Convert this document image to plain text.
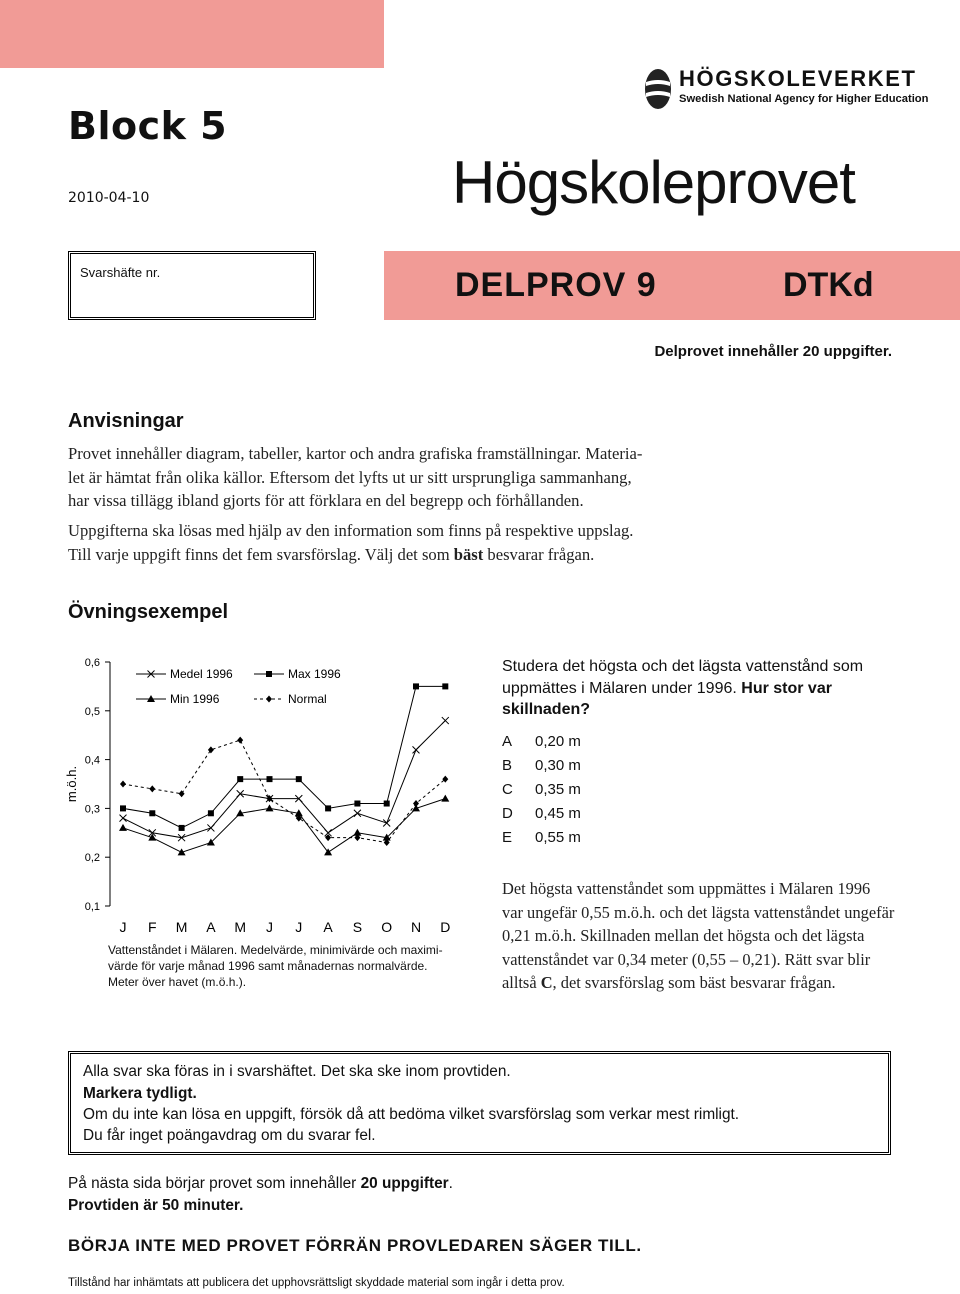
Block 5
2010-04-10
HÖGSKOLEVERKET
Swedish National Agency for Higher Education
Högskoleprovet
Svarshäfte nr.	DELPROV 9	DTKd
Delprovet innehåller 20 uppgifter.
Anvisningar
Provet innehåller diagram, tabeller, kartor och andra grafiska framställningar. Materia-
let är hämtat från olika källor. Eftersom det lyfts ut ur sitt ursprungliga sammanhang,
har vissa tillägg ibland gjorts för att förklara en del begrepp och förhållanden.
Uppgifterna ska lösas med hjälp av den information som finns på respektive uppslag.
Till varje uppgift finns det fem svarsförslag. Välj det som bäst besvarar frågan.
Övningsexempel
0,6
0,5
0,4
0,3
0,2
0,1
m.ö.h.
J F M A M J J A S O N D
Medel 1996	Max 1996
Min 1996	Normal
Vattenståndet i Mälaren. Medelvärde, minimivärde och maximi-
värde för varje månad 1996 samt månadernas normalvärde.
Meter över havet (m.ö.h.).
Studera det högsta och det lägsta vattenstånd som
uppmättes i Mälaren under 1996. Hur stor var
skillnaden?
A 0,20 m
B 0,30 m
C 0,35 m
D 0,45 m
E 0,55 m
Det högsta vattenståndet som uppmättes i Mälaren 1996
var ungefär 0,55 m.ö.h. och det lägsta vattenståndet ungefär
0,21 m.ö.h. Skillnaden mellan det högsta och det lägsta
vattenståndet var 0,34 meter (0,55 – 0,21). Rätt svar blir
alltså C, det svarsförslag som bäst besvarar frågan.
Alla svar ska föras in i svarshäftet. Det ska ske inom provtiden.
Markera tydligt.
Om du inte kan lösa en uppgift, försök då att bedöma vilket svarsförslag som verkar mest rimligt.
Du får inget poängavdrag om du svarar fel.
På nästa sida börjar provet som innehåller 20 uppgifter.
Provtiden är 50 minuter.
BÖRJA INTE MED PROVET FÖRRÄN PROVLEDAREN SÄGER TILL.
Tillstånd har inhämtats att publicera det upphovsrättsligt skyddade material som ingår i detta prov.
